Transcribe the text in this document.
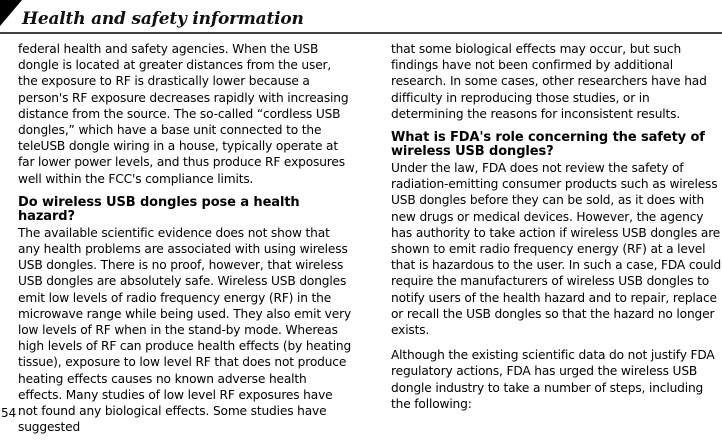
Health and safety information

federal health and safety agencies. When the USB dongle is located at greater distances from the user, the exposure to RF is drastically lower because a person's RF exposure decreases rapidly with increasing distance from the source. The so-called “cordless USB dongles,” which have a base unit connected to the teleUSB dongle wiring in a house, typically operate at far lower power levels, and thus produce RF exposures well within the FCC's compliance limits.

Do wireless USB dongles pose a health hazard?

The available scientific evidence does not show that any health problems are associated with using wireless USB dongles. There is no proof, however, that wireless USB dongles are absolutely safe. Wireless USB dongles emit low levels of radio frequency energy (RF) in the microwave range while being used. They also emit very low levels of RF when in the stand-by mode. Whereas high levels of RF can produce health effects (by heating tissue), exposure to low level RF that does not produce heating effects causes no known adverse health effects. Many studies of low level RF exposures have not found any biological effects. Some studies have suggested

that some biological effects may occur, but such findings have not been confirmed by additional research. In some cases, other researchers have had difficulty in reproducing those studies, or in determining the reasons for inconsistent results.

What is FDA's role concerning the safety of wireless USB dongles?

Under the law, FDA does not review the safety of radiation-emitting consumer products such as wireless USB dongles before they can be sold, as it does with new drugs or medical devices. However, the agency has authority to take action if wireless USB dongles are shown to emit radio frequency energy (RF) at a level that is hazardous to the user. In such a case, FDA could require the manufacturers of wireless USB dongles to notify users of the health hazard and to repair, replace or recall the USB dongles so that the hazard no longer exists.

Although the existing scientific data do not justify FDA regulatory actions, FDA has urged the wireless USB dongle industry to take a number of steps, including the following:

54
